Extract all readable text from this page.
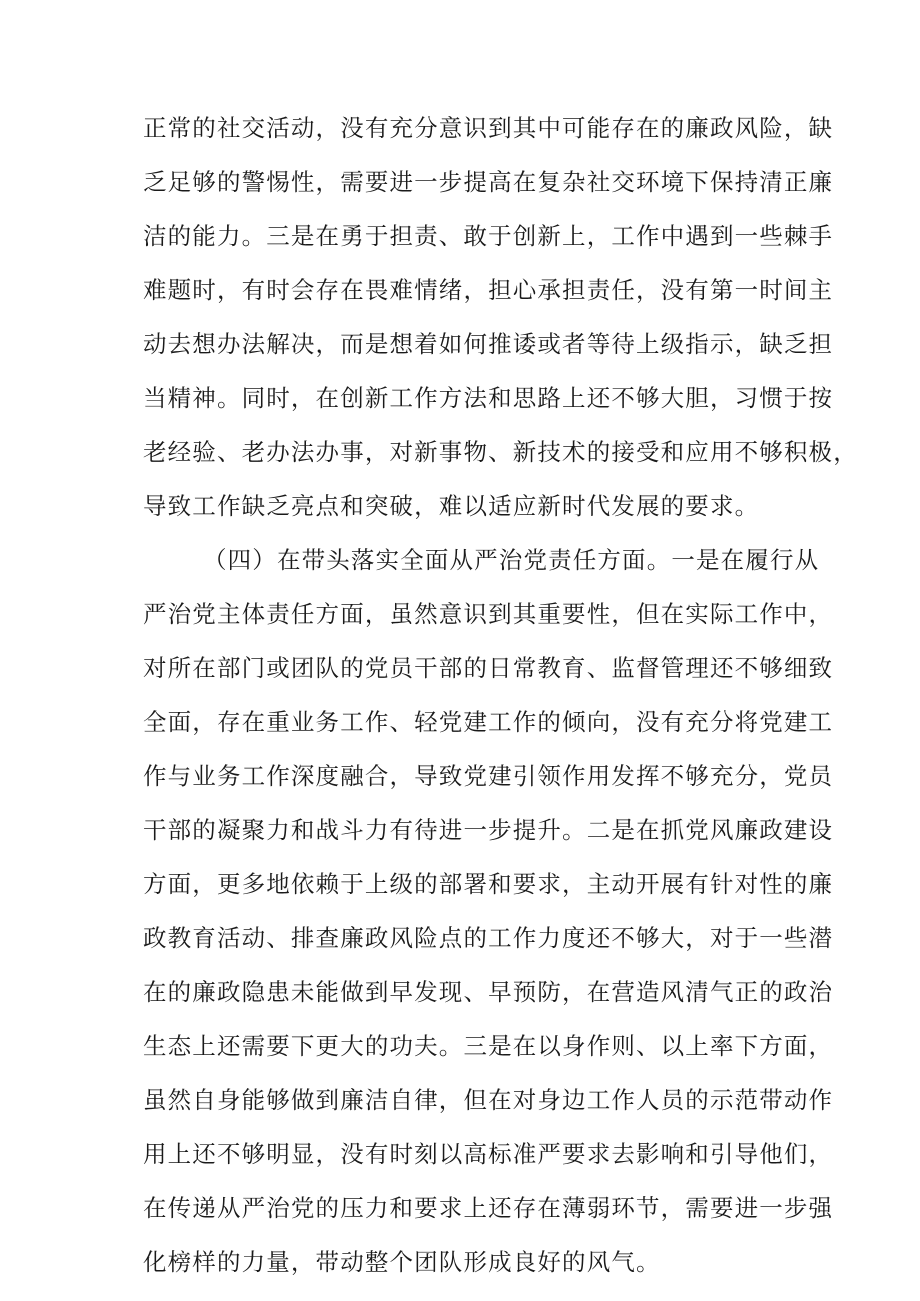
正常的社交活动，没有充分意识到其中可能存在的廉政风险，缺
乏足够的警惕性，需要进一步提高在复杂社交环境下保持清正廉
洁的能力。三是在勇于担责、敢于创新上，工作中遇到一些棘手
难题时，有时会存在畏难情绪，担心承担责任，没有第一时间主
动去想办法解决，而是想着如何推诿或者等待上级指示，缺乏担
当精神。同时，在创新工作方法和思路上还不够大胆，习惯于按
老经验、老办法办事，对新事物、新技术的接受和应用不够积极，
导致工作缺乏亮点和突破，难以适应新时代发展的要求。
（四）在带头落实全面从严治党责任方面。一是在履行从
严治党主体责任方面，虽然意识到其重要性，但在实际工作中，
对所在部门或团队的党员干部的日常教育、监督管理还不够细致
全面，存在重业务工作、轻党建工作的倾向，没有充分将党建工
作与业务工作深度融合，导致党建引领作用发挥不够充分，党员
干部的凝聚力和战斗力有待进一步提升。二是在抓党风廉政建设
方面，更多地依赖于上级的部署和要求，主动开展有针对性的廉
政教育活动、排查廉政风险点的工作力度还不够大，对于一些潜
在的廉政隐患未能做到早发现、早预防，在营造风清气正的政治
生态上还需要下更大的功夫。三是在以身作则、以上率下方面，
虽然自身能够做到廉洁自律，但在对身边工作人员的示范带动作
用上还不够明显，没有时刻以高标准严要求去影响和引导他们，
在传递从严治党的压力和要求上还存在薄弱环节，需要进一步强
化榜样的力量，带动整个团队形成良好的风气。
